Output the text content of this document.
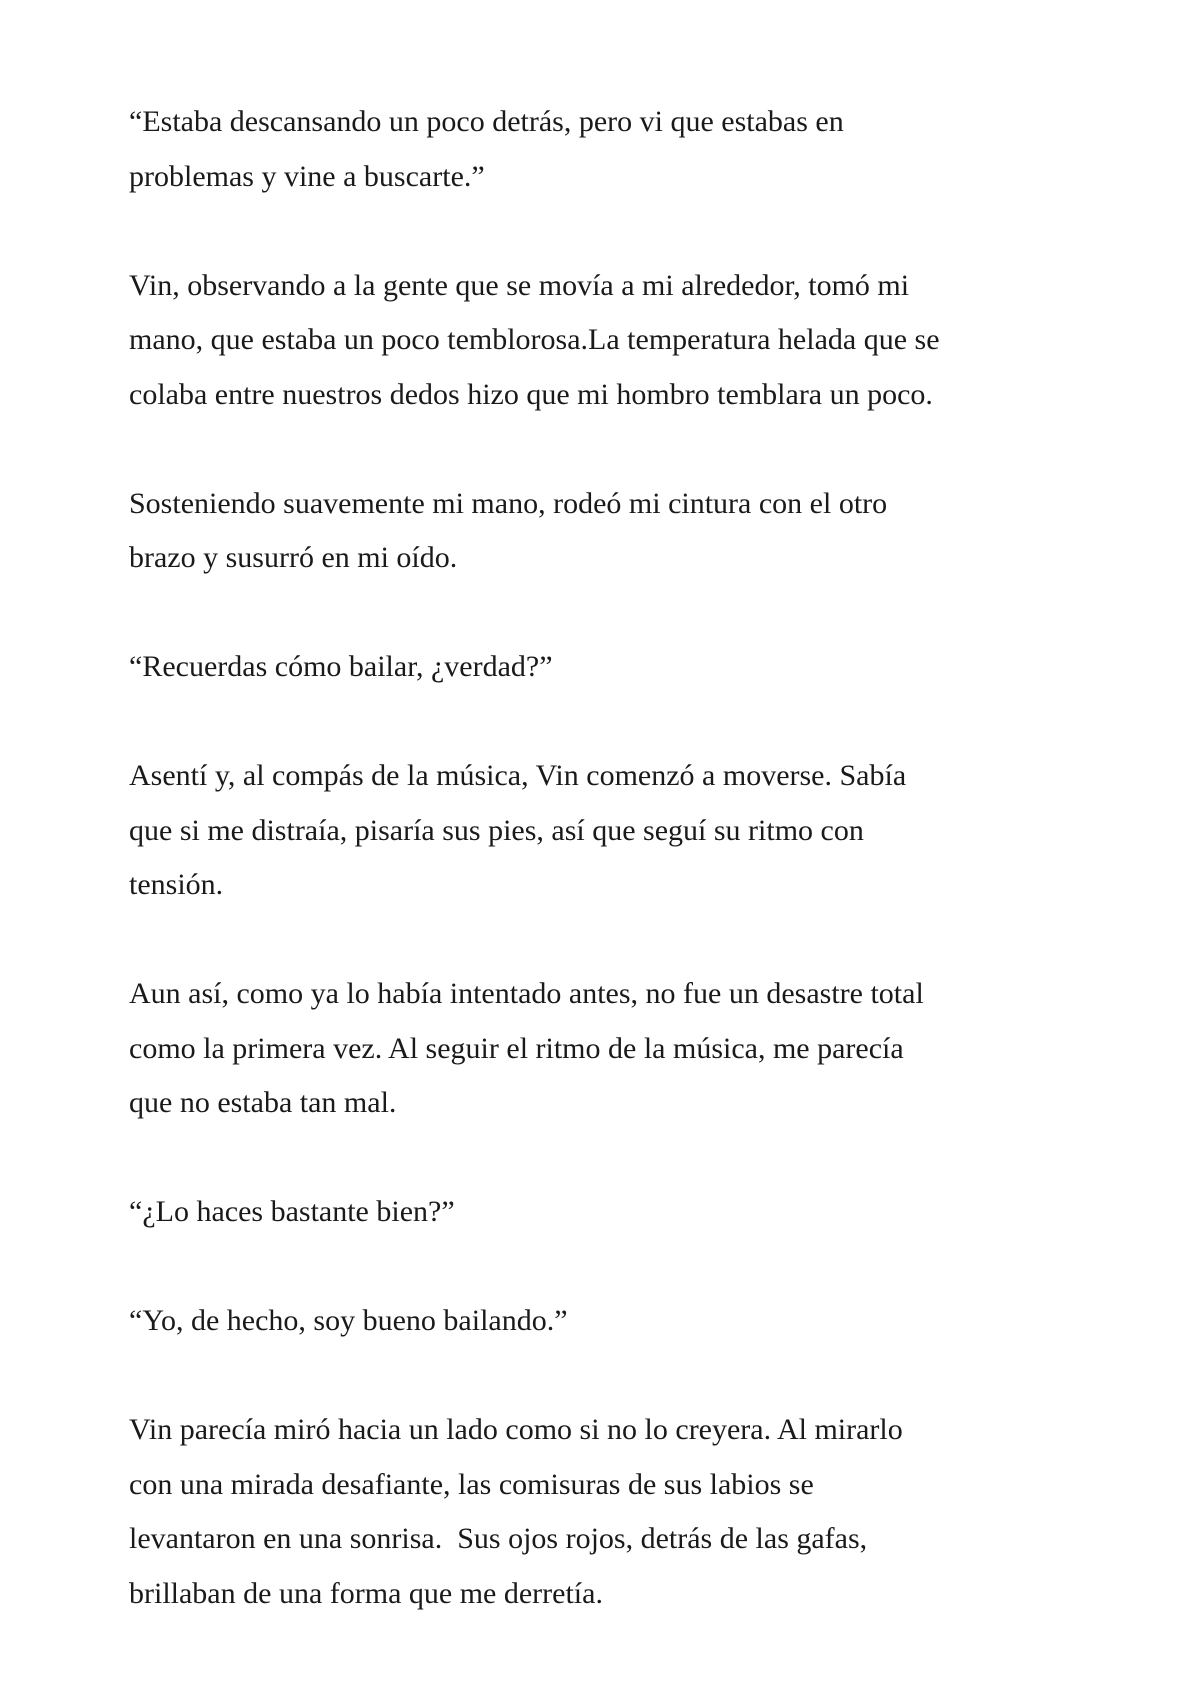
“Estaba descansando un poco detrás, pero vi que estabas en
problemas y vine a buscarte.”

Vin, observando a la gente que se movía a mi alrededor, tomó mi
mano, que estaba un poco temblorosa.La temperatura helada que se
colaba entre nuestros dedos hizo que mi hombro temblara un poco.

Sosteniendo suavemente mi mano, rodeó mi cintura con el otro
brazo y susurró en mi oído.

“Recuerdas cómo bailar, ¿verdad?”

Asentí y, al compás de la música, Vin comenzó a moverse. Sabía
que si me distraía, pisaría sus pies, así que seguí su ritmo con
tensión.

Aun así, como ya lo había intentado antes, no fue un desastre total
como la primera vez. Al seguir el ritmo de la música, me parecía
que no estaba tan mal.

“¿Lo haces bastante bien?”

“Yo, de hecho, soy bueno bailando.”

Vin parecía miró hacia un lado como si no lo creyera. Al mirarlo
con una mirada desafiante, las comisuras de sus labios se
levantaron en una sonrisa.  Sus ojos rojos, detrás de las gafas,
brillaban de una forma que me derretía.
